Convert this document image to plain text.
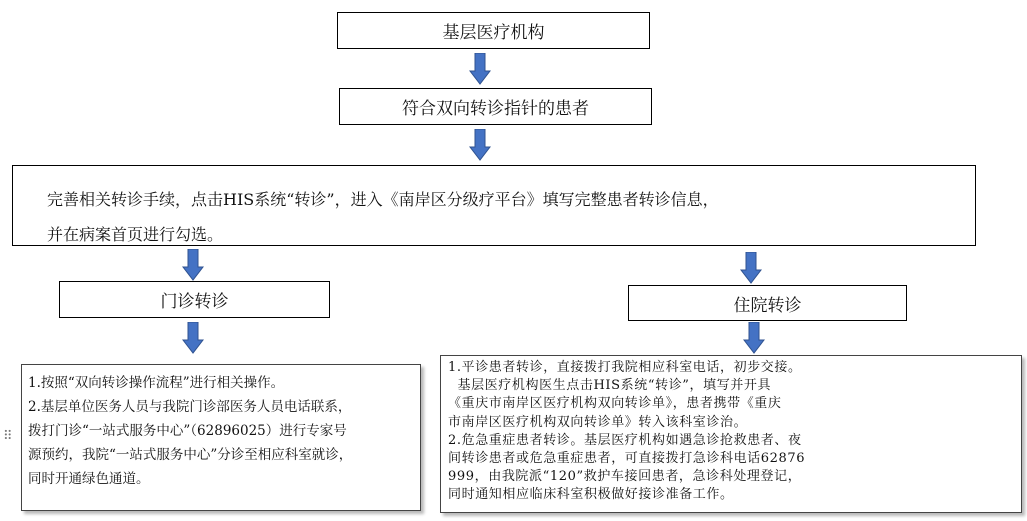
基层医疗机构
符合双向转诊指针的患者
完善相关转诊手续，点击HIS系统“转诊”，进入《南岸区分级疗平台》填写完整患者转诊信息，
并在病案首页进行勾选。
门诊转诊	住院转诊
⠿
1.按照“双向转诊操作流程”进行相关操作。
2.基层单位医务人员与我院门诊部医务人员电话联系，
拨打门诊“一站式服务中心”（62896025）进行专家号
源预约，我院“一站式服务中心”分诊至相应科室就诊，
同时开通绿色通道。
1.平诊患者转诊，直接拨打我院相应科室电话，初步交接。
基层医疗机构医生点击HIS系统“转诊”，填写并开具
《重庆市南岸区医疗机构双向转诊单》，患者携带《重庆
市南岸区医疗机构双向转诊单》转入该科室诊治。
2.危急重症患者转诊。基层医疗机构如遇急诊抢救患者、夜
间转诊患者或危急重症患者，可直接拨打急诊科电话62876
999，由我院派“120”救护车接回患者，急诊科处理登记，
同时通知相应临床科室积极做好接诊准备工作。
